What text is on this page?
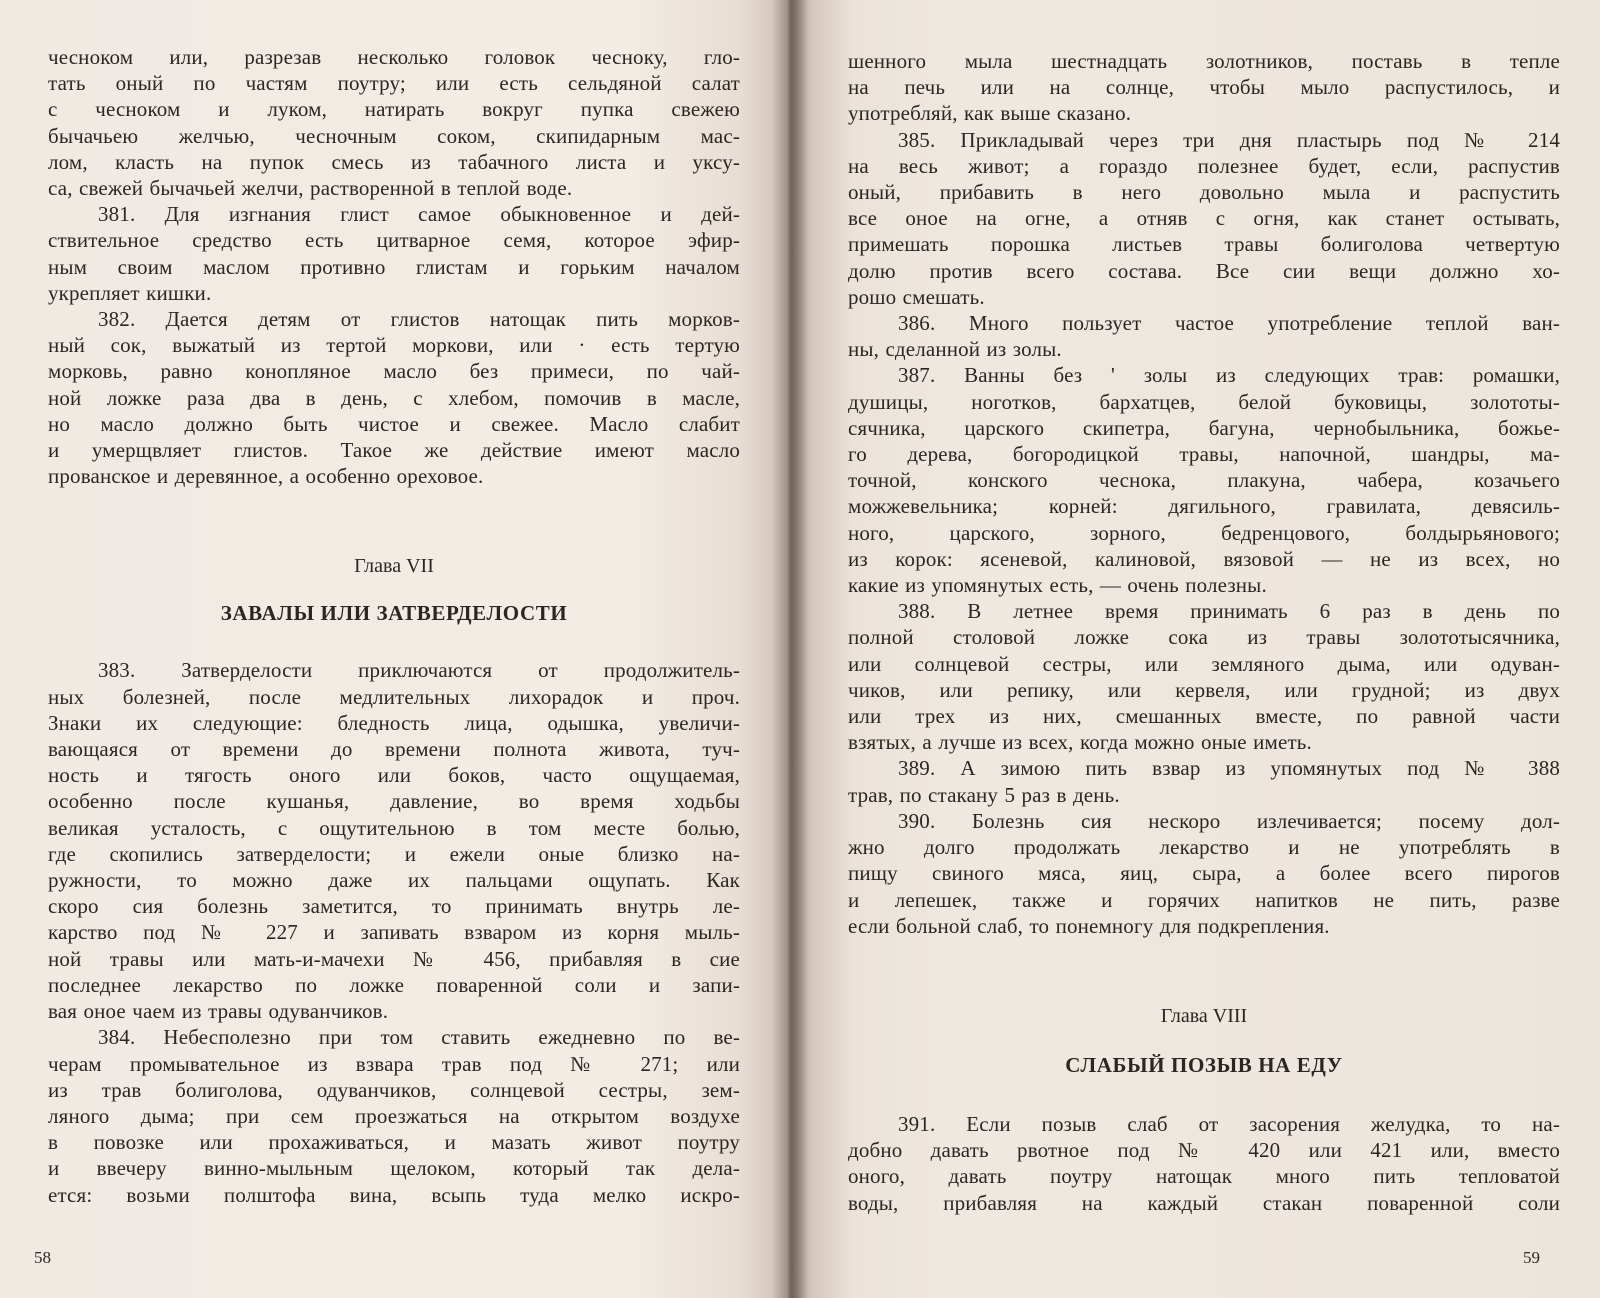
чесноком или, разрезав несколько головок чесноку, гло-

тать оный по частям поутру; или есть сельдяной салат

с чесноком и луком, натирать вокруг пупка свежею

бычачьею желчью, чесночным соком, скипидарным мас-

лом, класть на пупок смесь из табачного листа и уксу-

са, свежей бычачьей желчи, растворенной в теплой воде.

381. Для изгнания глист самое обыкновенное и дей-

ствительное средство есть цитварное семя, которое эфир-

ным своим маслом противно глистам и горьким началом

укрепляет кишки.

382. Дается детям от глистов натощак пить морков-

ный сок, выжатый из тертой моркови, или · есть тертую

морковь, равно конопляное масло без примеси, по чай-

ной ложке раза два в день, с хлебом, помочив в масле,

но масло должно быть чистое и свежее. Масло слабит

и умерщвляет глистов. Такое же действие имеют масло

прованское и деревянное, а особенно ореховое.

Глава VII
ЗАВАЛЫ ИЛИ ЗАТВЕРДЕЛОСТИ

383. Затверделости приключаются от продолжитель-

ных болезней, после медлительных лихорадок и проч.

Знаки их следующие: бледность лица, одышка, увеличи-

вающаяся от времени до времени полнота живота, туч-

ность и тягость оного или боков, часто ощущаемая,

особенно после кушанья, давление, во время ходьбы

великая усталость, с ощутительною в том месте болью,

где скопились затверделости; и ежели оные близко на-

ружности, то можно даже их пальцами ощупать. Как

скоро сия болезнь заметится, то принимать внутрь ле-

карство под № 227 и запивать взваром из корня мыль-

ной травы или мать-и-мачехи № 456, прибавляя в сие

последнее лекарство по ложке поваренной соли и запи-

вая оное чаем из травы одуванчиков.

384. Небесполезно при том ставить ежедневно по ве-

черам промывательное из взвара трав под № 271; или

из трав болиголова, одуванчиков, солнцевой сестры, зем-

ляного дыма; при сем проезжаться на открытом воздухе

в повозке или прохаживаться, и мазать живот поутру

и ввечеру винно-мыльным щелоком, который так дела-

ется: возьми полштофа вина, всыпь туда мелко искро-

58

шенного мыла шестнадцать золотников, поставь в тепле

на печь или на солнце, чтобы мыло распустилось, и

употребляй, как выше сказано.

385. Прикладывай через три дня пластырь под № 214

на весь живот; а гораздо полезнее будет, если, распустив

оный, прибавить в него довольно мыла и распустить

все оное на огне, а отняв с огня, как станет остывать,

примешать порошка листьев травы болиголова четвертую

долю против всего состава. Все сии вещи должно хо-

рошо смешать.

386. Много пользует частое употребление теплой ван-

ны, сделанной из золы.

387. Ванны без ' золы из следующих трав: ромашки,

душицы, ноготков, бархатцев, белой буковицы, золототы-

сячника, царского скипетра, багуна, чернобыльника, божье-

го дерева, богородицкой травы, напочной, шандры, ма-

точной, конского чеснока, плакуна, чабера, козачьего

можжевельника; корней: дягильного, гравилата, девясиль-

ного, царского, зорного, бедренцового, болдырьянового;

из корок: ясеневой, калиновой, вязовой — не из всех, но

какие из упомянутых есть, — очень полезны.

388. В летнее время принимать 6 раз в день по

полной столовой ложке сока из травы золототысячника,

или солнцевой сестры, или земляного дыма, или одуван-

чиков, или репику, или кервеля, или грудной; из двух

или трех из них, смешанных вместе, по равной части

взятых, а лучше из всех, когда можно оные иметь.

389. А зимою пить взвар из упомянутых под № 388

трав, по стакану 5 раз в день.

390. Болезнь сия нескоро излечивается; посему дол-

жно долго продолжать лекарство и не употреблять в

пищу свиного мяса, яиц, сыра, а более всего пирогов

и лепешек, также и горячих напитков не пить, разве

если больной слаб, то понемногу для подкрепления.

Глава VIII
СЛАБЫЙ ПОЗЫВ НА ЕДУ

391. Если позыв слаб от засорения желудка, то на-

добно давать рвотное под № 420 или 421 или, вместо

оного, давать поутру натощак много пить тепловатой

воды, прибавляя на каждый стакан поваренной соли

59
